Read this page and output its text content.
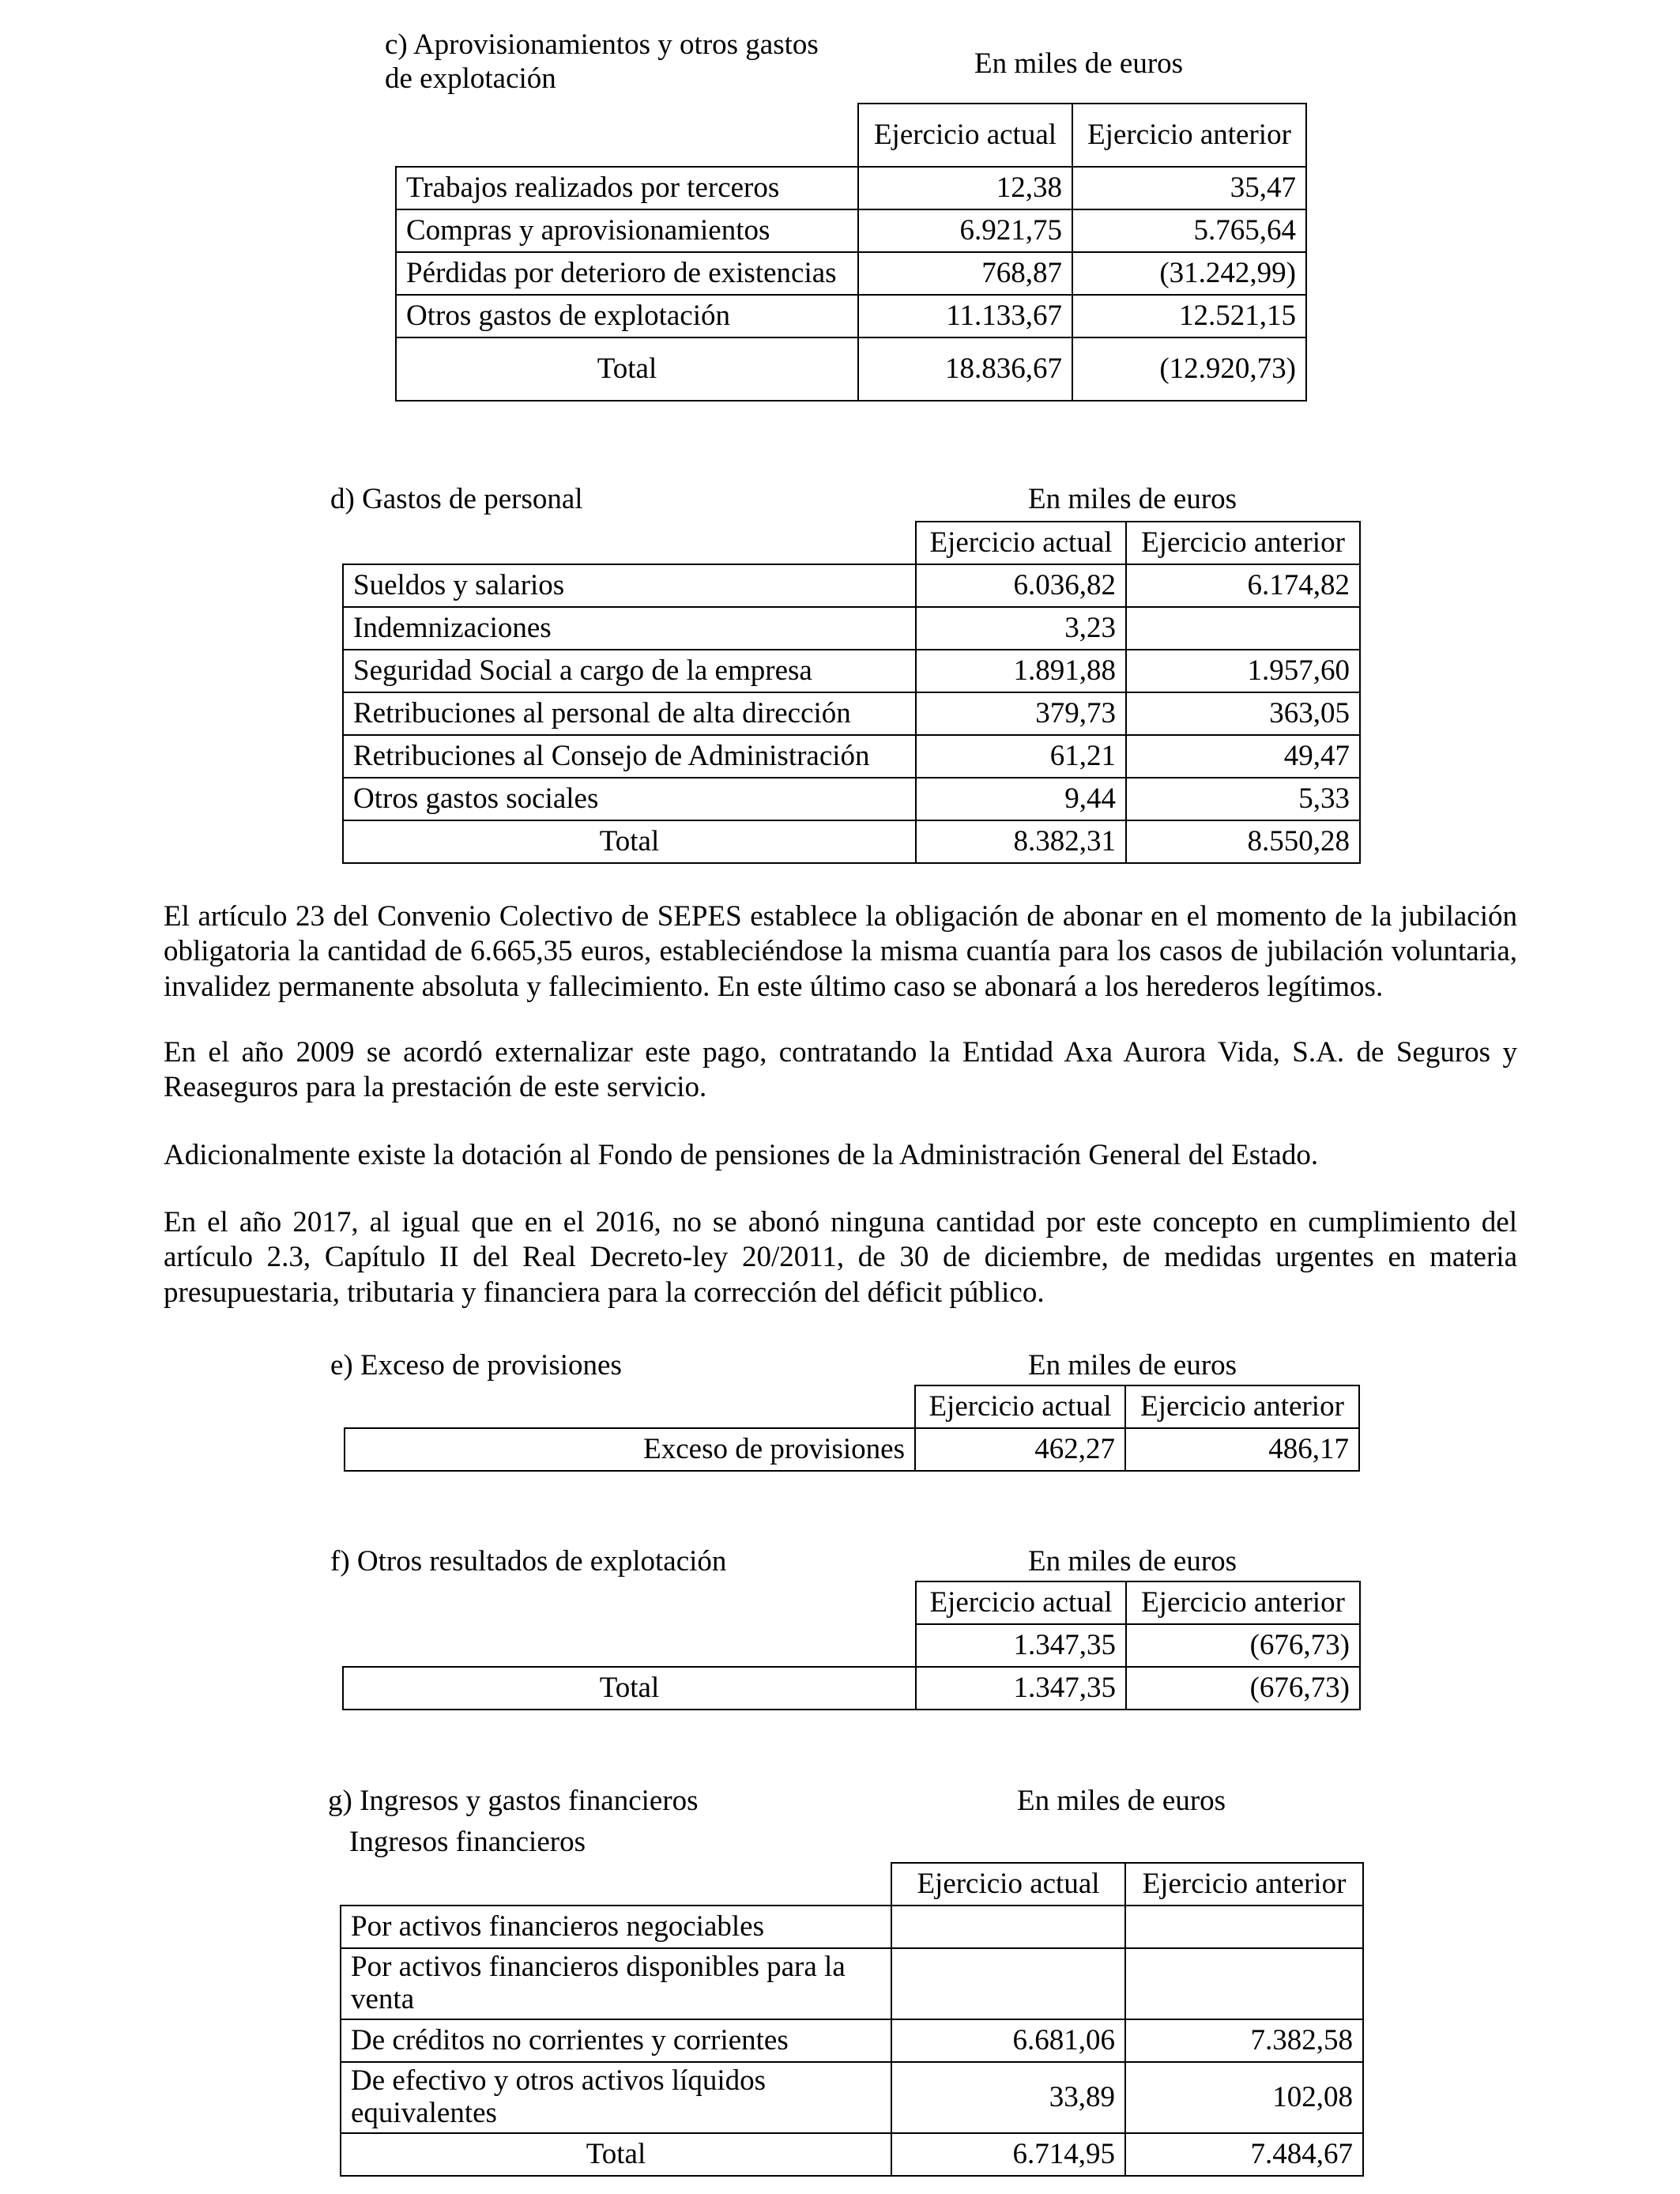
c) Aprovisionamientos y otros gastos
de explotación	En miles de euros
	Ejercicio actual	Ejercicio anterior
Trabajos realizados por terceros	12,38	35,47
Compras y aprovisionamientos	6.921,75	5.765,64
Pérdidas por deterioro de existencias	768,87	(31.242,99)
Otros gastos de explotación	11.133,67	12.521,15
Total	18.836,67	(12.920,73)
d) Gastos de personal	En miles de euros
	Ejercicio actual	Ejercicio anterior
Sueldos y salarios	6.036,82	6.174,82
Indemnizaciones	3,23	
Seguridad Social a cargo de la empresa	1.891,88	1.957,60
Retribuciones al personal de alta dirección	379,73	363,05
Retribuciones al Consejo de Administración	61,21	49,47
Otros gastos sociales	9,44	5,33
Total	8.382,31	8.550,28
El artículo 23 del Convenio Colectivo de SEPES establece la obligación de abonar en el momento de la jubilación obligatoria la cantidad de 6.665,35 euros, estableciéndose la misma cuantía para los casos de jubilación voluntaria, invalidez permanente absoluta y fallecimiento. En este último caso se abonará a los herederos legítimos.
En el año 2009 se acordó externalizar este pago, contratando la Entidad Axa Aurora Vida, S.A. de Seguros y Reaseguros para la prestación de este servicio.
Adicionalmente existe la dotación al Fondo de pensiones de la Administración General del Estado.
En el año 2017, al igual que en el 2016, no se abonó ninguna cantidad por este concepto en cumplimiento del artículo 2.3, Capítulo II del Real Decreto-ley 20/2011, de 30 de diciembre, de medidas urgentes en materia presupuestaria, tributaria y financiera para la corrección del déficit público.
e) Exceso de provisiones	En miles de euros
	Ejercicio actual	Ejercicio anterior
Exceso de provisiones	462,27	486,17
f) Otros resultados de explotación	En miles de euros
	Ejercicio actual	Ejercicio anterior
	1.347,35	(676,73)
Total	1.347,35	(676,73)
g) Ingresos y gastos financieros	En miles de euros
Ingresos financieros
	Ejercicio actual	Ejercicio anterior
Por activos financieros negociables		
Por activos financieros disponibles para la venta		
De créditos no corrientes y corrientes	6.681,06	7.382,58
De efectivo y otros activos líquidos equivalentes	33,89	102,08
Total	6.714,95	7.484,67
